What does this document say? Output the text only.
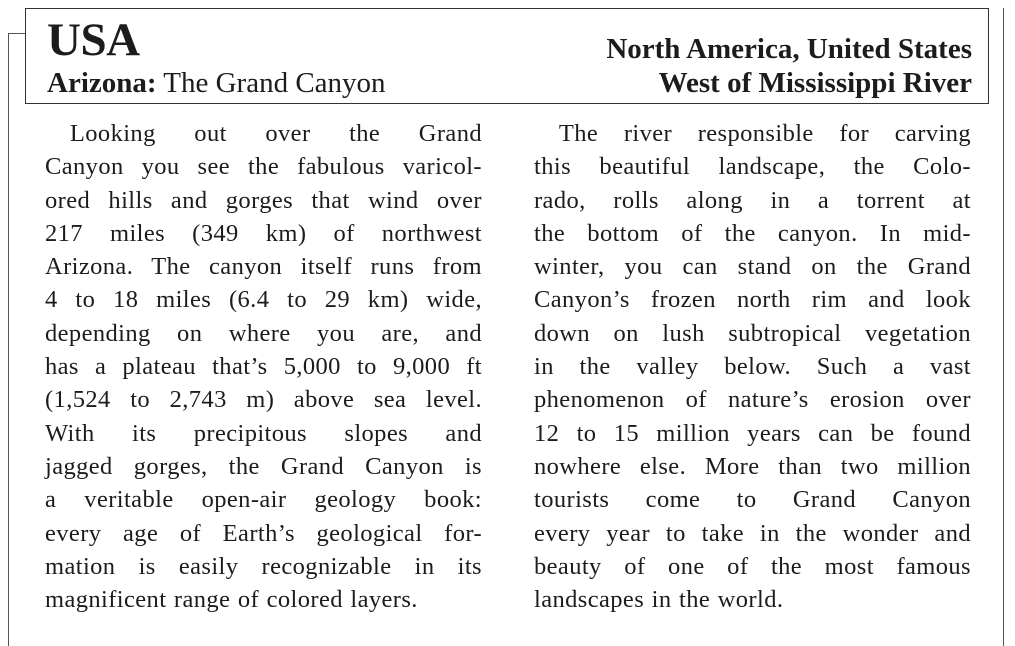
USA
Arizona: The Grand Canyon
North America, United States
West of Mississippi River
 Looking out over the Grand
Canyon you see the fabulous varicol-
ored hills and gorges that wind over
217 miles (349 km) of northwest
Arizona. The canyon itself runs from
4 to 18 miles (6.4 to 29 km) wide,
depending on where you are, and
has a plateau that’s 5,000 to 9,000 ft
(1,524 to 2,743 m) above sea level.
With its precipitous slopes and
jagged gorges, the Grand Canyon is
a veritable open-air geology book:
every age of Earth’s geological for-
mation is easily recognizable in its
magnificent range of colored layers.
 The river responsible for carving
this beautiful landscape, the Colo-
rado, rolls along in a torrent at
the bottom of the canyon. In mid-
winter, you can stand on the Grand
Canyon’s frozen north rim and look
down on lush subtropical vegetation
in the valley below. Such a vast
phenomenon of nature’s erosion over
12 to 15 million years can be found
nowhere else. More than two million
tourists come to Grand Canyon
every year to take in the wonder and
beauty of one of the most famous
landscapes in the world.
